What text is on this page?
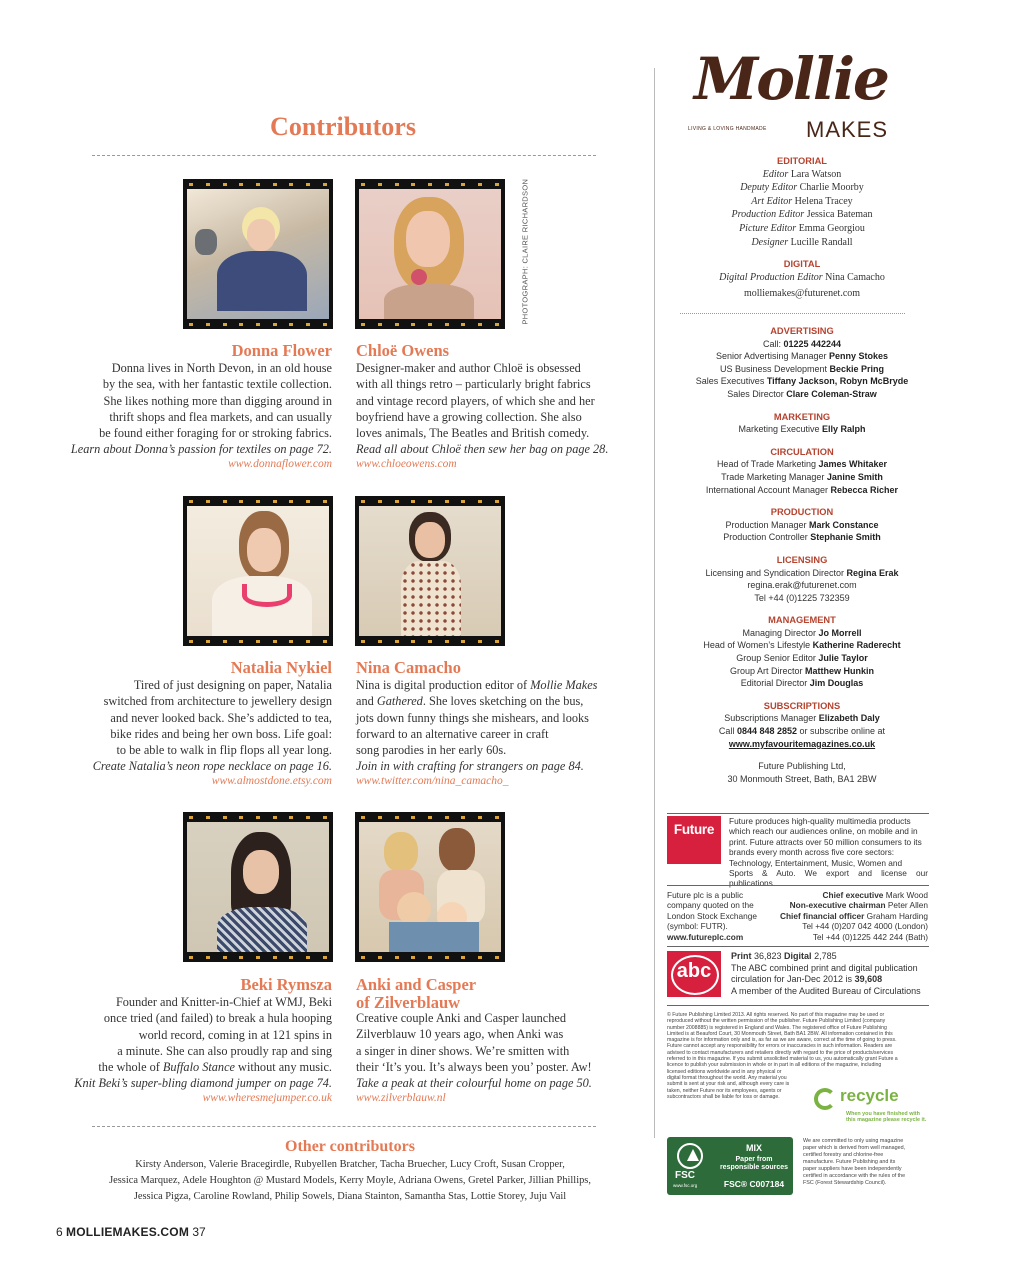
Contributors
PHOTOGRAPH: CLAIRE RICHARDSON
Donna Flower
Donna lives in North Devon, in an old house
by the sea, with her fantastic textile collection.
She likes nothing more than digging around in
thrift shops and flea markets, and can usually
be found either foraging for or stroking fabrics.
Learn about Donna’s passion for textiles on page 72.
www.donnaflower.com
Chloë Owens
Designer-maker and author Chloë is obsessed
with all things retro – particularly bright fabrics
and vintage record players, of which she and her
boyfriend have a growing collection. She also
loves animals, The Beatles and British comedy.
Read all about Chloë then sew her bag on page 28.
www.chloeowens.com
Natalia Nykiel
Tired of just designing on paper, Natalia
switched from architecture to jewellery design
and never looked back. She’s addicted to tea,
bike rides and being her own boss. Life goal:
to be able to walk in flip flops all year long.
Create Natalia’s neon rope necklace on page 16.
www.almostdone.etsy.com
Nina Camacho
Nina is digital production editor of Mollie Makes
and Gathered. She loves sketching on the bus,
jots down funny things she mishears, and looks
forward to an alternative career in craft
song parodies in her early 60s.
Join in with crafting for strangers on page 84.
www.twitter.com/nina_camacho_
Beki Rymsza
Founder and Knitter-in-Chief at WMJ, Beki
once tried (and failed) to break a hula hooping
world record, coming in at 121 spins in
a minute. She can also proudly rap and sing
the whole of Buffalo Stance without any music.
Knit Beki’s super-bling diamond jumper on page 74.
www.wheresmejumper.co.uk
Anki and Casper
of Zilverblauw
Creative couple Anki and Casper launched
Zilverblauw 10 years ago, when Anki was
a singer in diner shows. We’re smitten with
their ‘It’s you. It’s always been you’ poster. Aw!
Take a peak at their colourful home on page 50.
www.zilverblauw.nl
Other contributors
Kirsty Anderson, Valerie Bracegirdle, Rubyellen Bratcher, Tacha Bruecher, Lucy Croft, Susan Cropper,
Jessica Marquez, Adele Houghton @ Mustard Models, Kerry Moyle, Adriana Owens, Gretel Parker, Jillian Phillips,
Jessica Pigza, Caroline Rowland, Philip Sowels, Diana Stainton, Samantha Stas, Lottie Storey, Juju Vail
6 MOLLIEMAKES.COM 37
Mollie
MAKES
LIVING & LOVING HANDMADE
EDITORIAL
Editor Lara Watson
Deputy Editor Charlie Moorby
Art Editor Helena Tracey
Production Editor Jessica Bateman
Picture Editor Emma Georgiou
Designer Lucille Randall
DIGITAL
Digital Production Editor Nina Camacho
molliemakes@futurenet.com
ADVERTISING
Call: 01225 442244
Senior Advertising Manager Penny Stokes
US Business Development Beckie Pring
Sales Executives Tiffany Jackson, Robyn McBryde
Sales Director Clare Coleman-Straw
MARKETING
Marketing Executive Elly Ralph
CIRCULATION
Head of Trade Marketing James Whitaker
Trade Marketing Manager Janine Smith
International Account Manager Rebecca Richer
PRODUCTION
Production Manager Mark Constance
Production Controller Stephanie Smith
LICENSING
Licensing and Syndication Director Regina Erak
regina.erak@futurenet.com
Tel +44 (0)1225 732359
MANAGEMENT
Managing Director Jo Morrell
Head of Women’s Lifestyle Katherine Raderecht
Group Senior Editor Julie Taylor
Group Art Director Matthew Hunkin
Editorial Director Jim Douglas
SUBSCRIPTIONS
Subscriptions Manager Elizabeth Daly
Call 0844 848 2852 or subscribe online at
www.myfavouritemagazines.co.uk
Future Publishing Ltd,
30 Monmouth Street, Bath, BA1 2BW
Future
Future produces high-quality multimedia products
which reach our audiences online, on mobile and in
print. Future attracts over 50 million consumers to its
brands every month across five core sectors:
Technology, Entertainment, Music, Women and
Sports & Auto. We export and license our publications.
Future plc is a public
company quoted on the
London Stock Exchange
(symbol: FUTR).
www.futureplc.com
Chief executive Mark Wood
Non-executive chairman Peter Allen
Chief financial officer Graham Harding
Tel +44 (0)207 042 4000 (London)
Tel +44 (0)1225 442 244 (Bath)
abc
Print 36,823 Digital 2,785
The ABC combined print and digital publication
circulation for Jan-Dec 2012 is 39,608
A member of the Audited Bureau of Circulations
© Future Publishing Limited 2013. All rights reserved. No part of this magazine may be used or
reproduced without the written permission of the publisher. Future Publishing Limited (company
number 2008885) is registered in England and Wales. The registered office of Future Publishing
Limited is at Beauford Court, 30 Monmouth Street, Bath BA1 2BW. All information contained in this
magazine is for information only and is, as far as we are aware, correct at the time of going to press.
Future cannot accept any responsibility for errors or inaccuracies in such information. Readers are
advised to contact manufacturers and retailers directly with regard to the price of products/services
referred to in this magazine. If you submit unsolicited material to us, you automatically grant Future a
licence to publish your submission in whole or in part in all editions of the magazine, including
licensed editions worldwide and in any physical or
digital format throughout the world. Any material you
submit is sent at your risk and, although every care is
taken, neither Future nor its employees, agents or
subcontractors shall be liable for loss or damage.	recycle
When you have finished with
this magazine please recycle it.
FSC
www.fsc.org
MIX
Paper from
responsible sources
FSC® C007184
We are committed to only using magazine
paper which is derived from well managed,
certified forestry and chlorine-free
manufacture. Future Publishing and its
paper suppliers have been independently
certified in accordance with the rules of the
FSC (Forest Stewardship Council).
